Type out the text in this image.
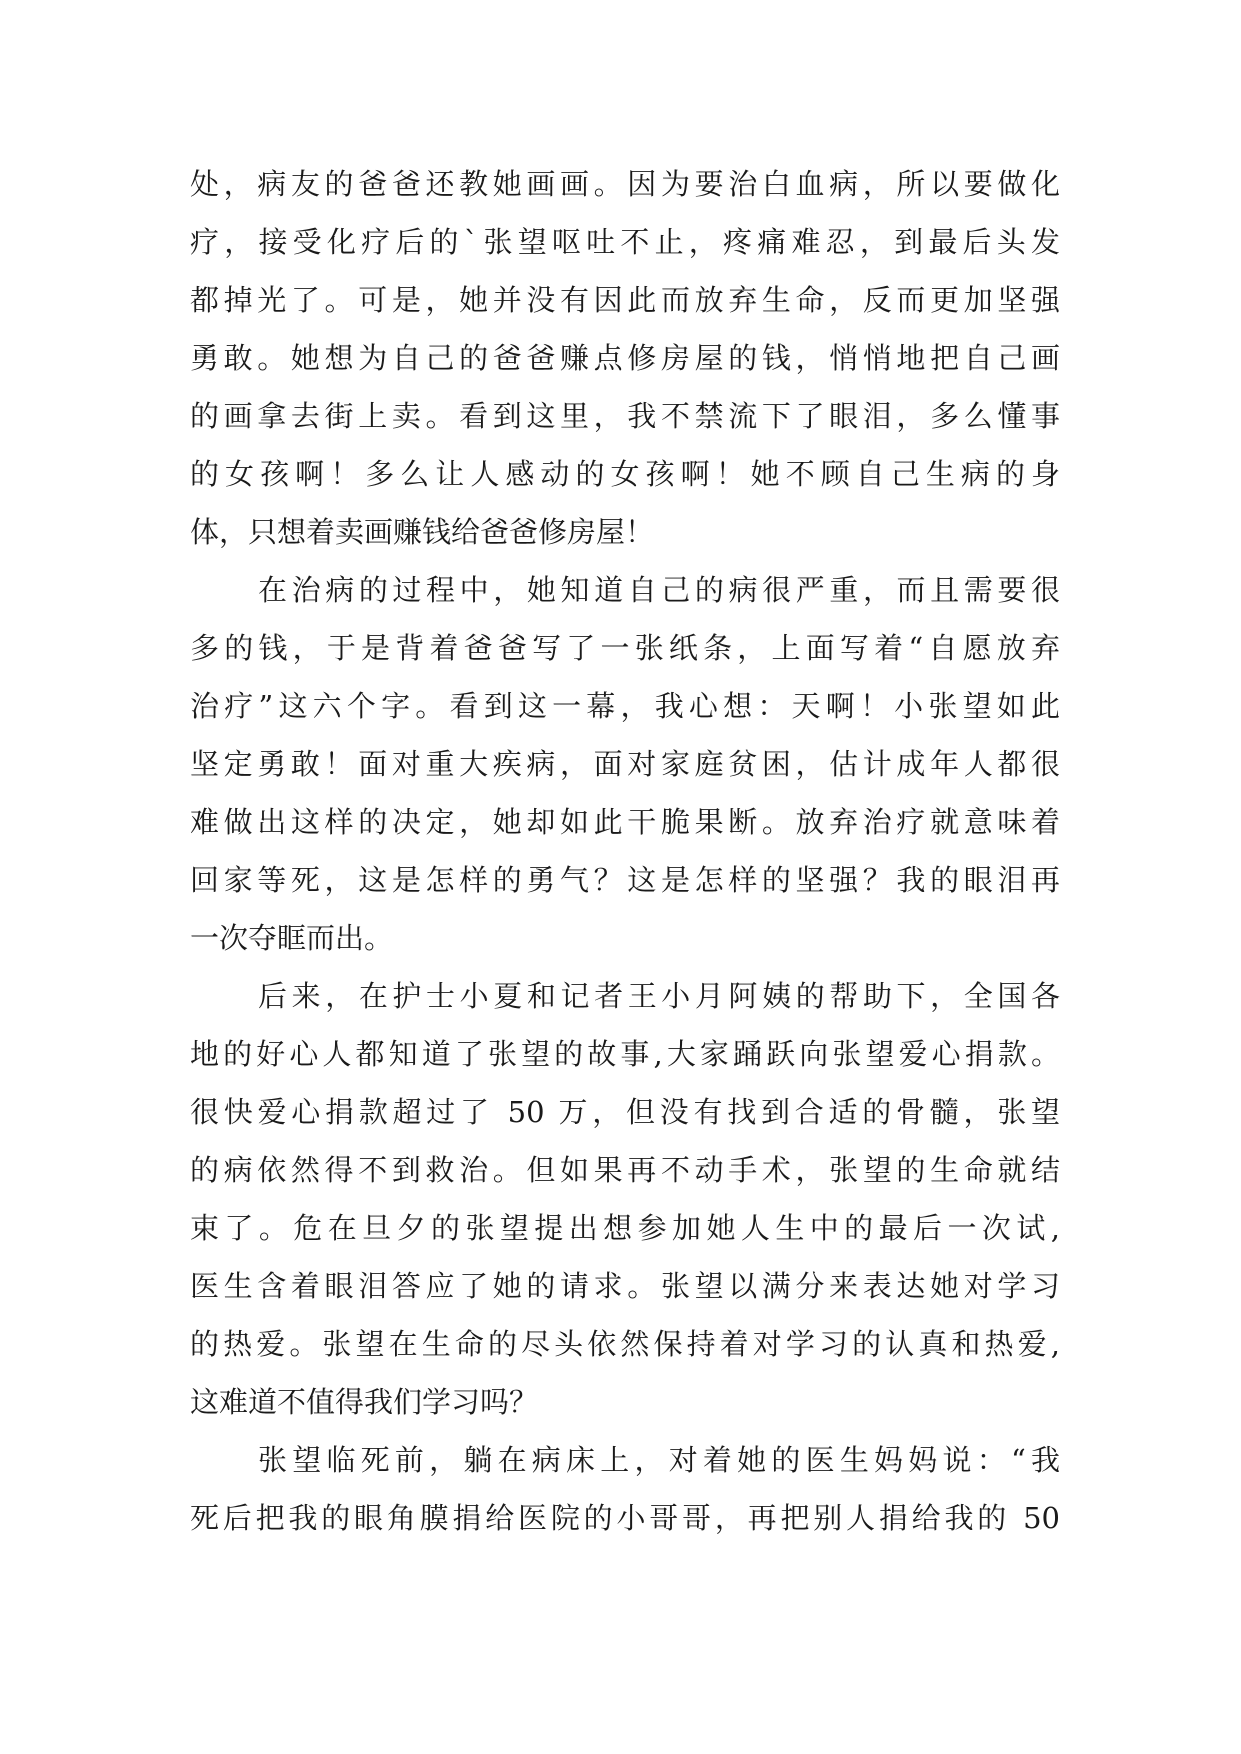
处，病友的爸爸还教她画画。因为要治白血病，所以要做化
疗，接受化疗后的`张望呕吐不止，疼痛难忍，到最后头发
都掉光了。可是，她并没有因此而放弃生命，反而更加坚强
勇敢。她想为自己的爸爸赚点修房屋的钱，悄悄地把自己画
的画拿去街上卖。看到这里，我不禁流下了眼泪，多么懂事
的女孩啊！多么让人感动的女孩啊！她不顾自己生病的身
体，只想着卖画赚钱给爸爸修房屋！
在治病的过程中，她知道自己的病很严重，而且需要很
多的钱，于是背着爸爸写了一张纸条，上面写着“自愿放弃
治疗”这六个字。看到这一幕，我心想：天啊！小张望如此
坚定勇敢！面对重大疾病，面对家庭贫困，估计成年人都很
难做出这样的决定，她却如此干脆果断。放弃治疗就意味着
回家等死，这是怎样的勇气？这是怎样的坚强？我的眼泪再
一次夺眶而出。
后来，在护士小夏和记者王小月阿姨的帮助下，全国各
地的好心人都知道了张望的故事,大家踊跃向张望爱心捐款。
很快爱心捐款超过了 50 万，但没有找到合适的骨髓，张望
的病依然得不到救治。但如果再不动手术，张望的生命就结
束了。危在旦夕的张望提出想参加她人生中的最后一次试,
医生含着眼泪答应了她的请求。张望以满分来表达她对学习
的热爱。张望在生命的尽头依然保持着对学习的认真和热爱,
这难道不值得我们学习吗？
张望临死前，躺在病床上，对着她的医生妈妈说：“我
死后把我的眼角膜捐给医院的小哥哥，再把别人捐给我的 50
